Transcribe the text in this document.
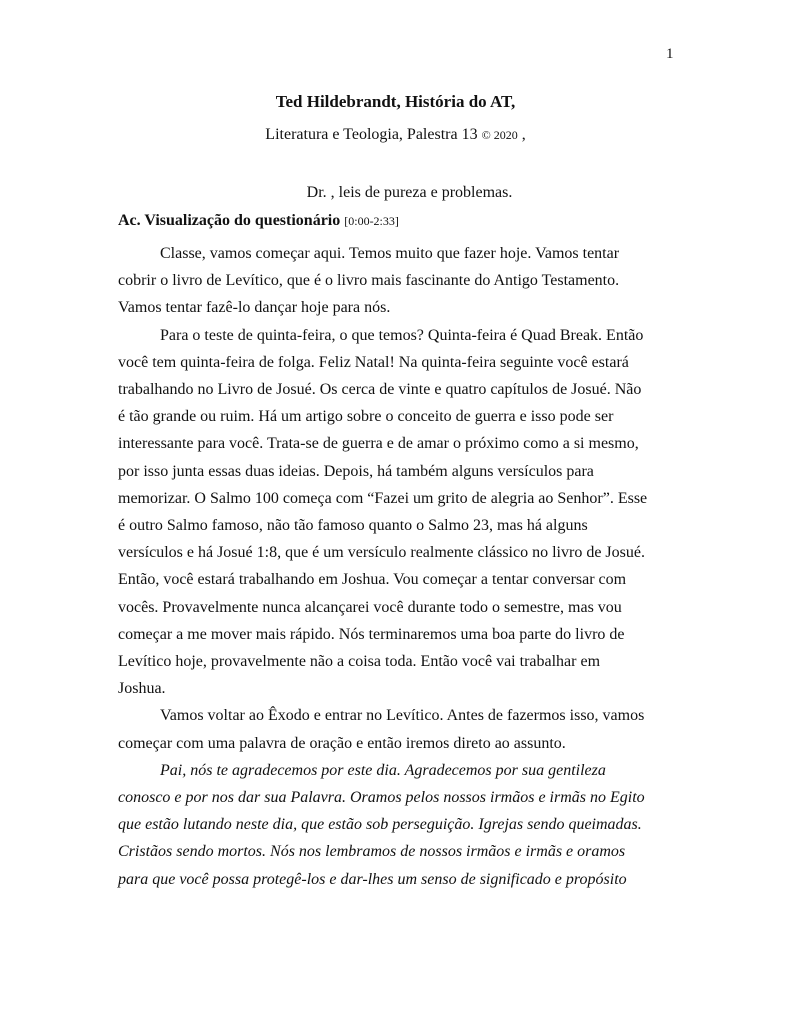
1
Ted Hildebrandt, História do AT,
Literatura e Teologia, Palestra 13 © 2020 ,
Dr. , leis de pureza e problemas.
Ac. Visualização do questionário [0:00-2:33]

Classe, vamos começar aqui. Temos muito que fazer hoje. Vamos tentar
cobrir o livro de Levítico, que é o livro mais fascinante do Antigo Testamento.
Vamos tentar fazê-lo dançar hoje para nós.

Para o teste de quinta-feira, o que temos? Quinta-feira é Quad Break. Então
você tem quinta-feira de folga. Feliz Natal! Na quinta-feira seguinte você estará
trabalhando no Livro de Josué. Os cerca de vinte e quatro capítulos de Josué. Não
é tão grande ou ruim. Há um artigo sobre o conceito de guerra e isso pode ser
interessante para você. Trata-se de guerra e de amar o próximo como a si mesmo,
por isso junta essas duas ideias. Depois, há também alguns versículos para
memorizar. O Salmo 100 começa com “Fazei um grito de alegria ao Senhor”. Esse
é outro Salmo famoso, não tão famoso quanto o Salmo 23, mas há alguns
versículos e há Josué 1:8, que é um versículo realmente clássico no livro de Josué.
Então, você estará trabalhando em Joshua. Vou começar a tentar conversar com
vocês. Provavelmente nunca alcançarei você durante todo o semestre, mas vou
começar a me mover mais rápido. Nós terminaremos uma boa parte do livro de
Levítico hoje, provavelmente não a coisa toda. Então você vai trabalhar em
Joshua.

Vamos voltar ao Êxodo e entrar no Levítico. Antes de fazermos isso, vamos
começar com uma palavra de oração e então iremos direto ao assunto.

Pai, nós te agradecemos por este dia. Agradecemos por sua gentileza
conosco e por nos dar sua Palavra. Oramos pelos nossos irmãos e irmãs no Egito
que estão lutando neste dia, que estão sob perseguição. Igrejas sendo queimadas.
Cristãos sendo mortos. Nós nos lembramos de nossos irmãos e irmãs e oramos
para que você possa protegê-los e dar-lhes um senso de significado e propósito
